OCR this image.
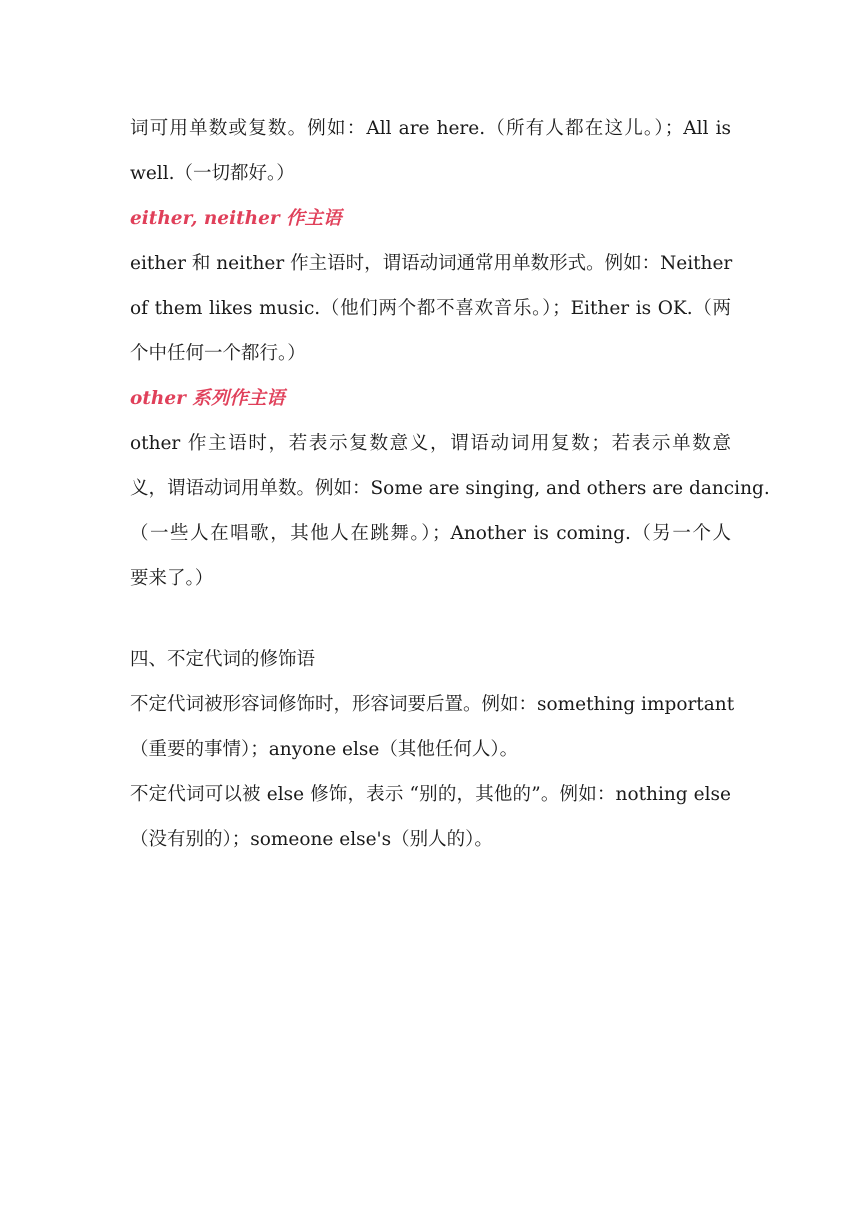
词可用单数或复数。例如：All are here.（所有人都在这儿。）；All is
well.（一切都好。）
either, neither 作主语
either 和 neither 作主语时，谓语动词通常用单数形式。例如：Neither
of them likes music.（他们两个都不喜欢音乐。）；Either is OK.（两
个中任何一个都行。）
other 系列作主语
other 作主语时，若表示复数意义，谓语动词用复数；若表示单数意
义，谓语动词用单数。例如：Some are singing, and others are dancing.
（一些人在唱歌，其他人在跳舞。）；Another is coming.（另一个人
要来了。）
四、不定代词的修饰语
不定代词被形容词修饰时，形容词要后置。例如：something important
（重要的事情）；anyone else（其他任何人）。
不定代词可以被 else 修饰，表示 “别的，其他的”。例如：nothing else
（没有别的）；someone else's（别人的）。
